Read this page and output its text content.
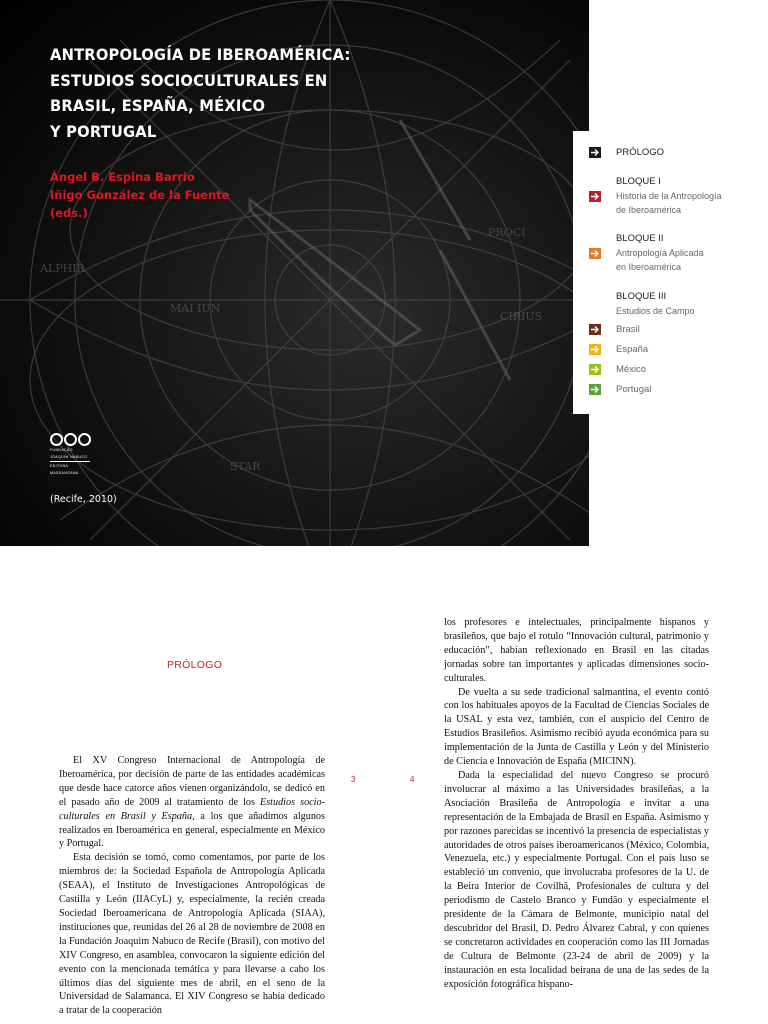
ALPHIR
MAI IUN
PROCI
CIRIUS
STAR
ANTROPOLOGÍA DE IBEROAMÉRICA:
ESTUDIOS SOCIOCULTURALES EN
BRASIL, ESPAÑA, MÉXICO
Y PORTUGAL
Ángel B. Espina Barrio
Iñigo González de la Fuente
(eds.)
FUNDAÇÃO
JOAQUIM NABUCO
EDITORA
MASSANGANA
(Recife, 2010)
PRÓLOGO
BLOQUE I
Historia de la Antropología
de Iberoamérica
BLOQUE II
Antropología Aplicada
en Iberoamérica
BLOQUE III
Estudios de Campo
Brasil
España
México
Portugal
PRÓLOGO
3	4

El XV Congreso Internacional de Antropología de Iberoamérica, por decisión de parte de las entidades académicas que desde hace catorce años vienen organizándolo, se dedicó en el pasado año de 2009 al tratamiento de los Estudios socio-culturales en Brasil y España, a los que añadimos algunos realizados en Iberoamérica en general, especialmente en México y Portugal.

Esta decisión se tomó, como comentamos, por parte de los miembros de: la Sociedad Española de Antropología Aplicada (SEAA), el Instituto de Investigaciones Antropológicas de Castilla y León (IIACyL) y, especialmente, la recién creada Sociedad Iberoamericana de Antropología Aplicada (SIAA), instituciones que, reunidas del 26 al 28 de noviembre de 2008 en la Fundación Joaquim Nabuco de Recife (Brasil), con motivo del XIV Congreso, en asamblea, convocaron la siguiente edición del evento con la mencionada temática y para llevarse a cabo los últimos días del siguiente mes de abril, en el seno de la Universidad de Salamanca. El XIV Congreso se había dedicado a tratar de la cooperación

los profesores e intelectuales, principalmente hispanos y brasileños, que bajo el rotulo “Innovación cultural, patrimonio y educación”, habían reflexionado en Brasil en las citadas jornadas sobre tan importantes y aplicadas dimensiones socio-culturales.

De vuelta a su sede tradicional salmantina, el evento contó con los habituales apoyos de la Facultad de Ciencias Sociales de la USAL y esta vez, también, con el auspicio del Centro de Estudios Brasileños. Asimismo recibió ayuda económica para su implementación de la Junta de Castilla y León y del Ministerio de Ciencia e Innovación de España (MICINN).

Dada la especialidad del nuevo Congreso se procuró involucrar al máximo a las Universidades brasileñas, a la Asociación Brasileña de Antropología e invitar a una representación de la Embajada de Brasil en España. Asimismo y por razones parecidas se incentivó la presencia de especialistas y autoridades de otros países iberoamericanos (México, Colombia, Venezuela, etc.) y especialmente Portugal. Con el país luso se estableció un convenio, que involucraba profesores de la U. de la Beira Interior de Covilhã, Profesionales de cultura y del periodismo de Castelo Branco y Fundão y especialmente el presidente de la Cámara de Belmonte, municipio natal del descubridor del Brasil, D. Pedro Álvarez Cabral, y con quienes se concretaron actividades en cooperación como las III Jornadas de Cultura de Belmonte (23-24 de abril de 2009) y la instauración en esta localidad beirana de una de las sedes de la exposición fotográfica hispano-
